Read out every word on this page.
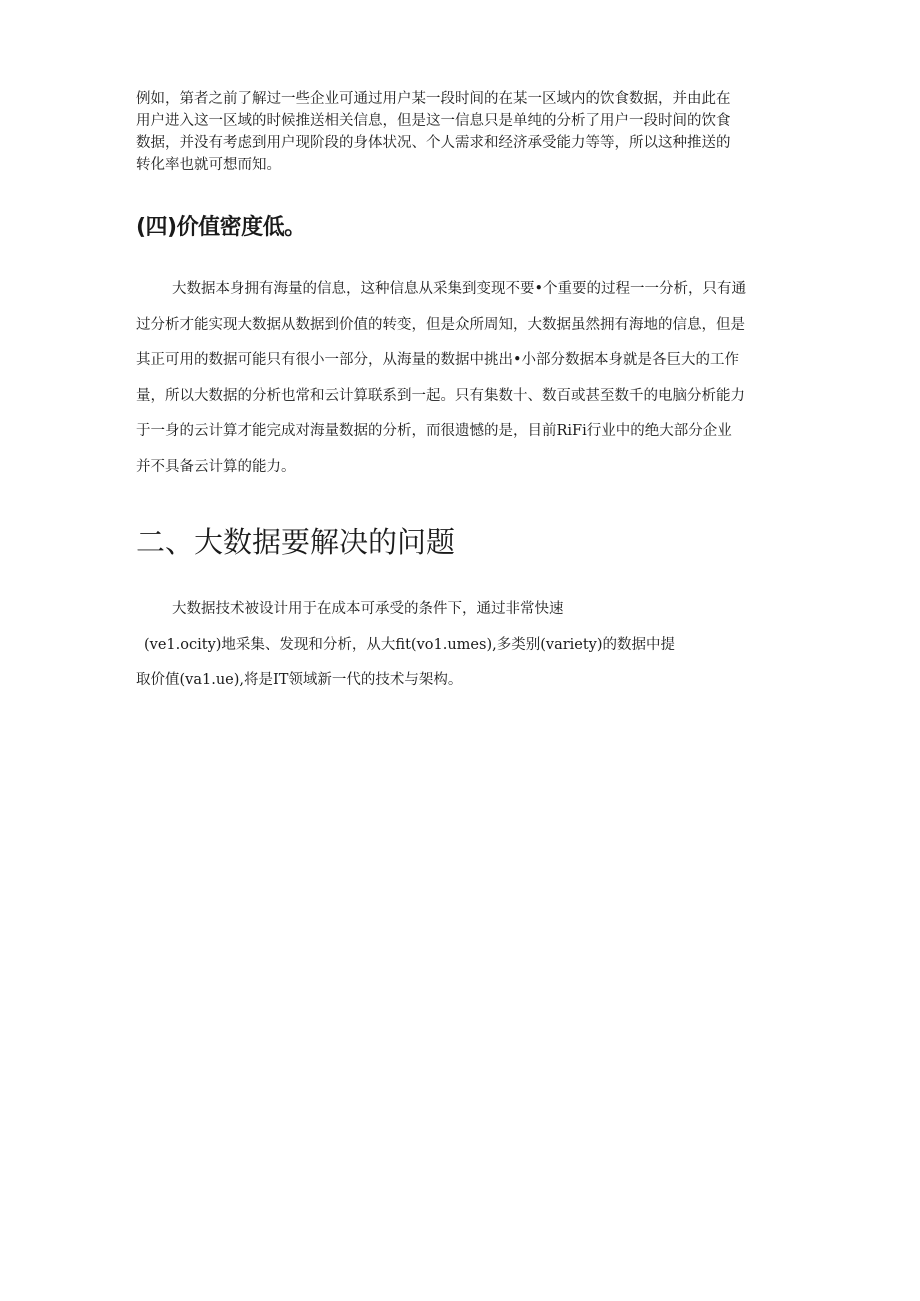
例如，第者之前了解过一些企业可通过用户某一段时间的在某一区域内的饮食数据，并由此在
用户进入这一区域的时候推送相关信息，但是这一信息只是单纯的分析了用户一段时间的饮食
数据，并没有考虑到用户现阶段的身体状况、个人需求和经济承受能力等等，所以这种推送的
转化率也就可想而知。
(四)价值密度低。
大数据本身拥有海量的信息，这种信息从采集到变现不要•个重要的过程一一分析，只有通
过分析才能实现大数据从数据到价值的转变，但是众所周知，大数据虽然拥有海地的信息，但是
其正可用的数据可能只有很小一部分，从海量的数据中挑出•小部分数据本身就是各巨大的工作
量，所以大数据的分析也常和云计算联系到一起。只有集数十、数百或甚至数千的电脑分析能力
于一身的云计算才能完成对海量数据的分析，而很遗憾的是，目前RiFi行业中的绝大部分企业
并不具备云计算的能力。
二、大数据要解决的问题
大数据技术被设计用于在成本可承受的条件下，通过非常快速
(ve1.ocity)地采集、发现和分析，从大fit(vo1.umes),多类别(variety)的数据中提
取价值(va1.ue),将是IT领域新一代的技术与架构。
